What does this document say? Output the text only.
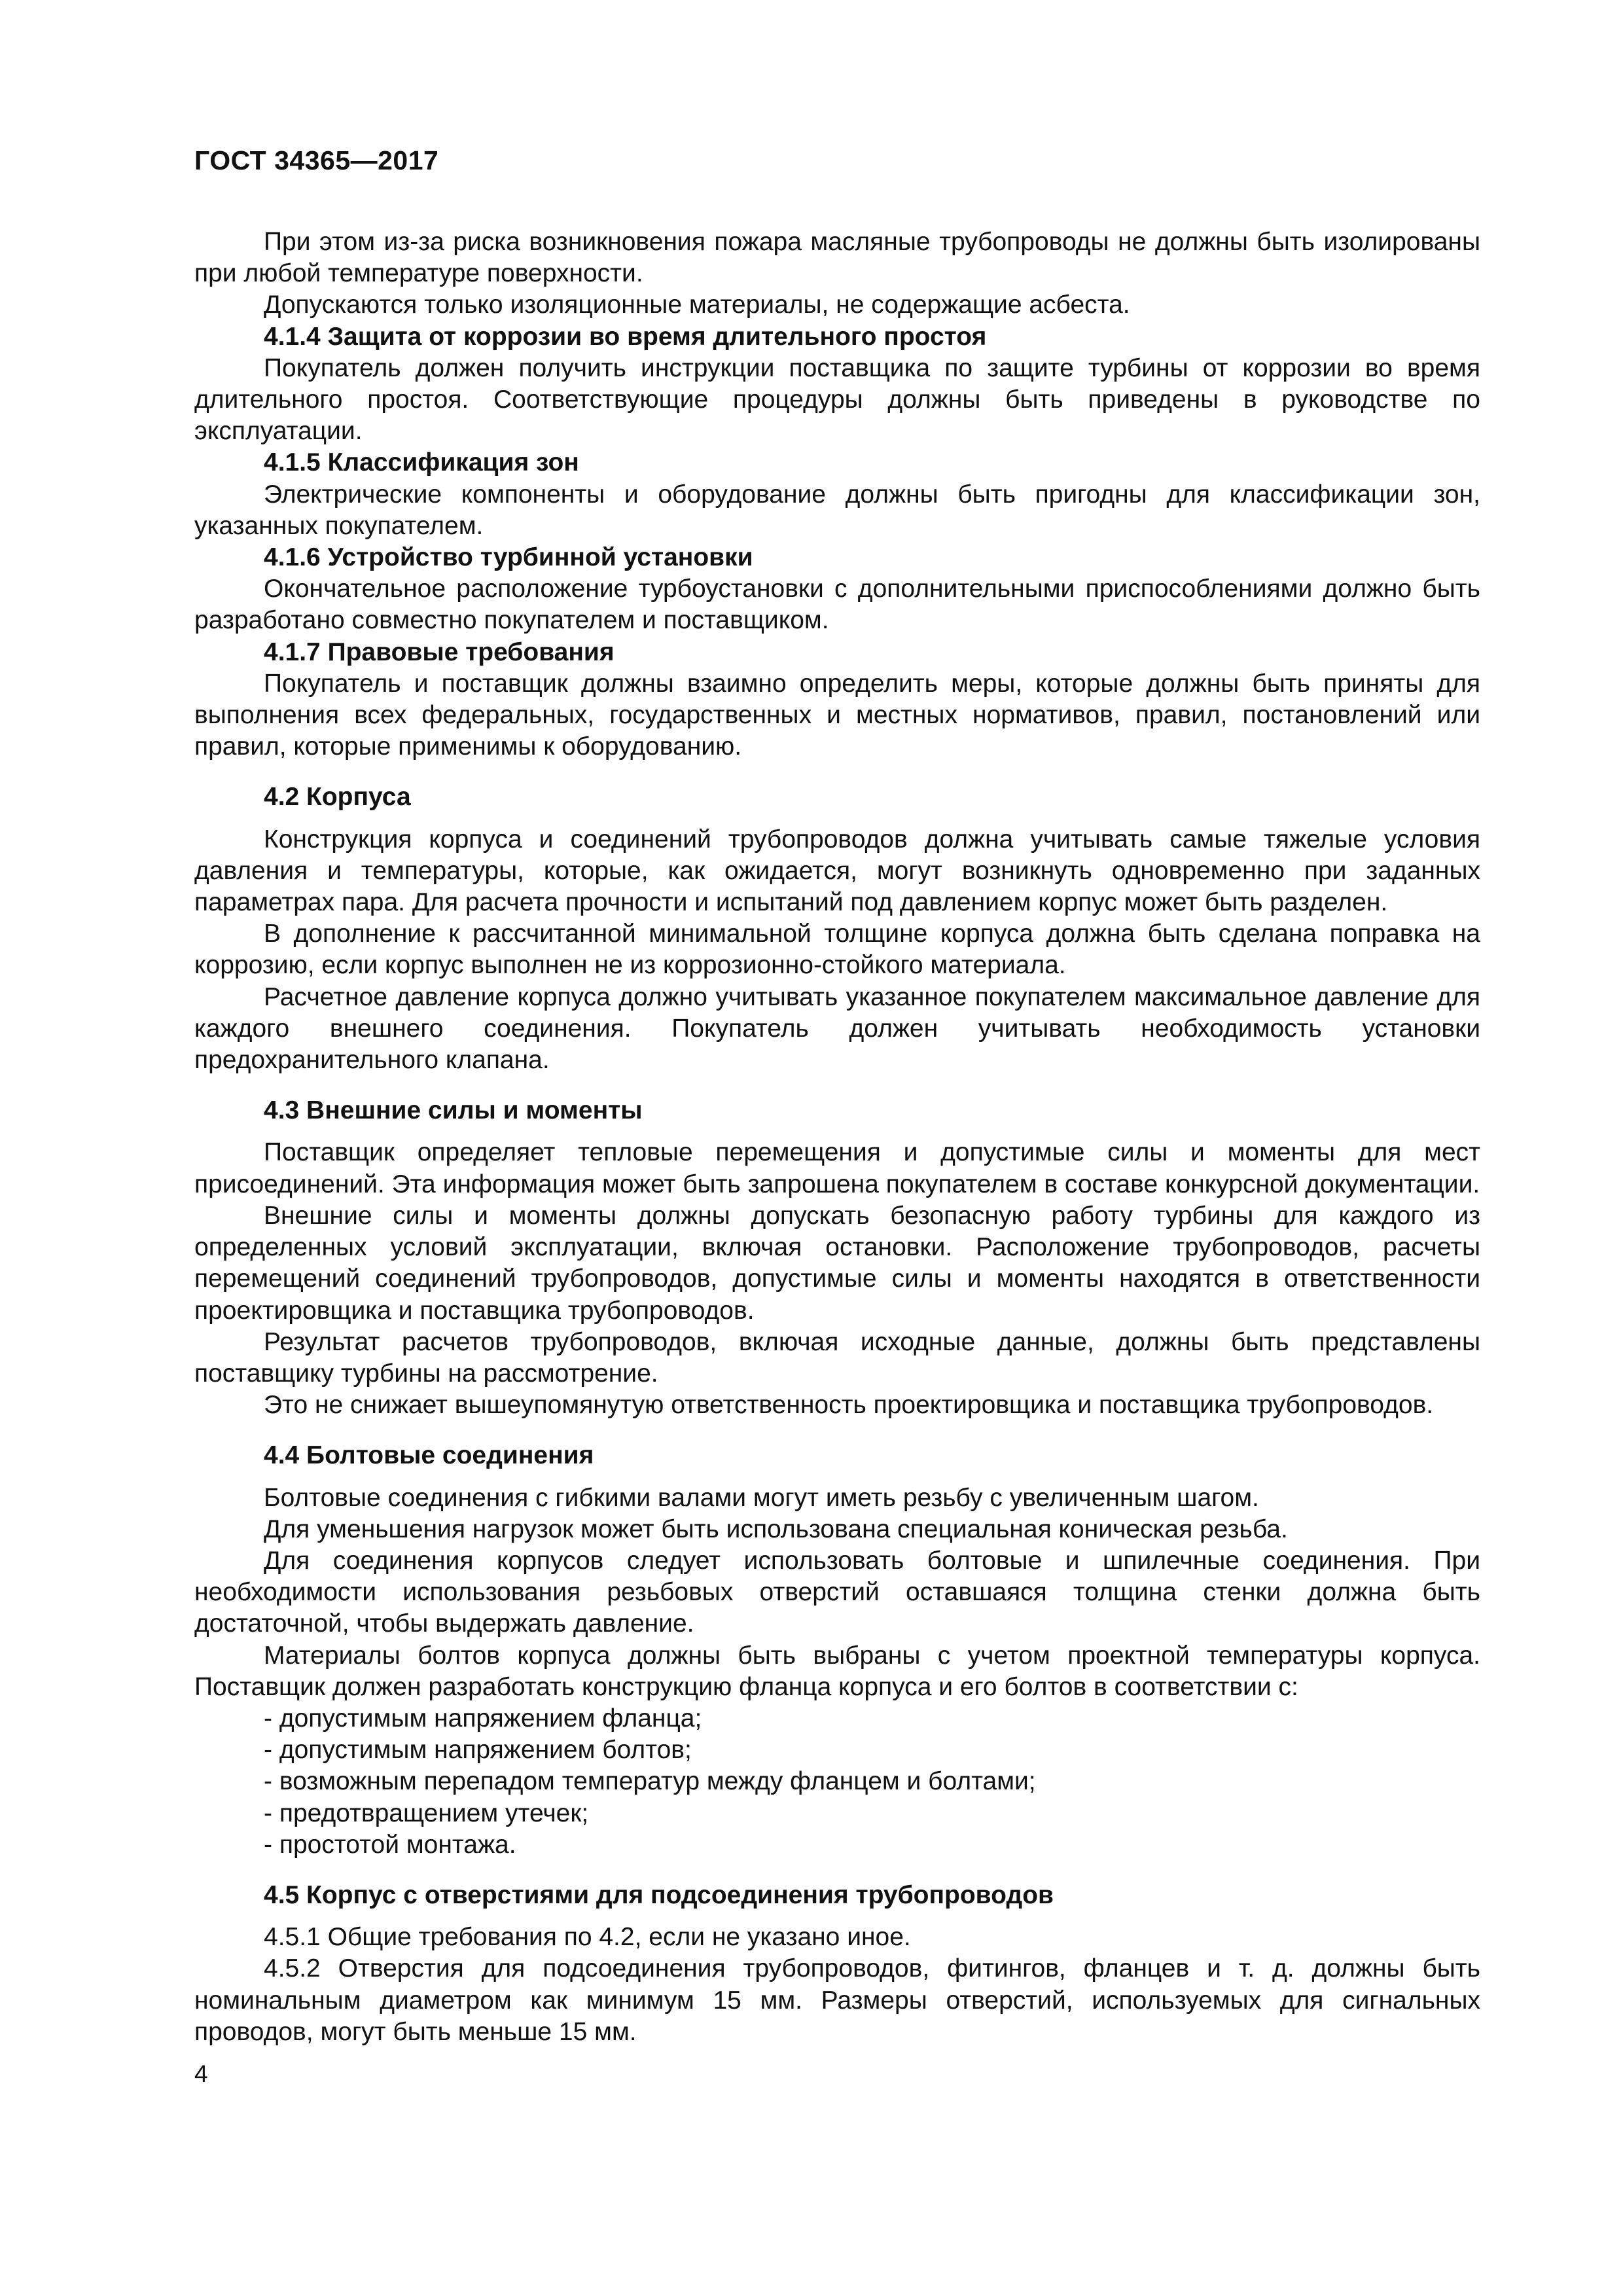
ГОСТ 34365—2017

При этом из-за риска возникновения пожара масляные трубопроводы не должны быть изолированы при любой температуре поверхности.

Допускаются только изоляционные материалы, не содержащие асбеста.

4.1.4 Защита от коррозии во время длительного простоя

Покупатель должен получить инструкции поставщика по защите турбины от коррозии во время длительного простоя. Соответствующие процедуры должны быть приведены в руководстве по эксплуатации.

4.1.5 Классификация зон

Электрические компоненты и оборудование должны быть пригодны для классификации зон, указанных покупателем.

4.1.6 Устройство турбинной установки

Окончательное расположение турбоустановки с дополнительными приспособлениями должно быть разработано совместно покупателем и поставщиком.

4.1.7 Правовые требования

Покупатель и поставщик должны взаимно определить меры, которые должны быть приняты для выполнения всех федеральных, государственных и местных нормативов, правил, постановлений или правил, которые применимы к оборудованию.

4.2 Корпуса

Конструкция корпуса и соединений трубопроводов должна учитывать самые тяжелые условия давления и температуры, которые, как ожидается, могут возникнуть одновременно при заданных параметрах пара. Для расчета прочности и испытаний под давлением корпус может быть разделен.

В дополнение к рассчитанной минимальной толщине корпуса должна быть сделана поправка на коррозию, если корпус выполнен не из коррозионно-стойкого материала.

Расчетное давление корпуса должно учитывать указанное покупателем максимальное давление для каждого внешнего соединения. Покупатель должен учитывать необходимость установки предохранительного клапана.

4.3 Внешние силы и моменты

Поставщик определяет тепловые перемещения и допустимые силы и моменты для мест присоединений. Эта информация может быть запрошена покупателем в составе конкурсной документации.

Внешние силы и моменты должны допускать безопасную работу турбины для каждого из определенных условий эксплуатации, включая остановки. Расположение трубопроводов, расчеты перемещений соединений трубопроводов, допустимые силы и моменты находятся в ответственности проектировщика и поставщика трубопроводов.

Результат расчетов трубопроводов, включая исходные данные, должны быть представлены поставщику турбины на рассмотрение.

Это не снижает вышеупомянутую ответственность проектировщика и поставщика трубопроводов.

4.4 Болтовые соединения

Болтовые соединения с гибкими валами могут иметь резьбу с увеличенным шагом.

Для уменьшения нагрузок может быть использована специальная коническая резьба.

Для соединения корпусов следует использовать болтовые и шпилечные соединения. При необходимости использования резьбовых отверстий оставшаяся толщина стенки должна быть достаточной, чтобы выдержать давление.

Материалы болтов корпуса должны быть выбраны с учетом проектной температуры корпуса. Поставщик должен разработать конструкцию фланца корпуса и его болтов в соответствии с:

- допустимым напряжением фланца;
- допустимым напряжением болтов;
- возможным перепадом температур между фланцем и болтами;
- предотвращением утечек;
- простотой монтажа.
4.5 Корпус с отверстиями для подсоединения трубопроводов

4.5.1 Общие требования по 4.2, если не указано иное.

4.5.2 Отверстия для подсоединения трубопроводов, фитингов, фланцев и т. д. должны быть номинальным диаметром как минимум 15 мм. Размеры отверстий, используемых для сигнальных проводов, могут быть меньше 15 мм.

4
